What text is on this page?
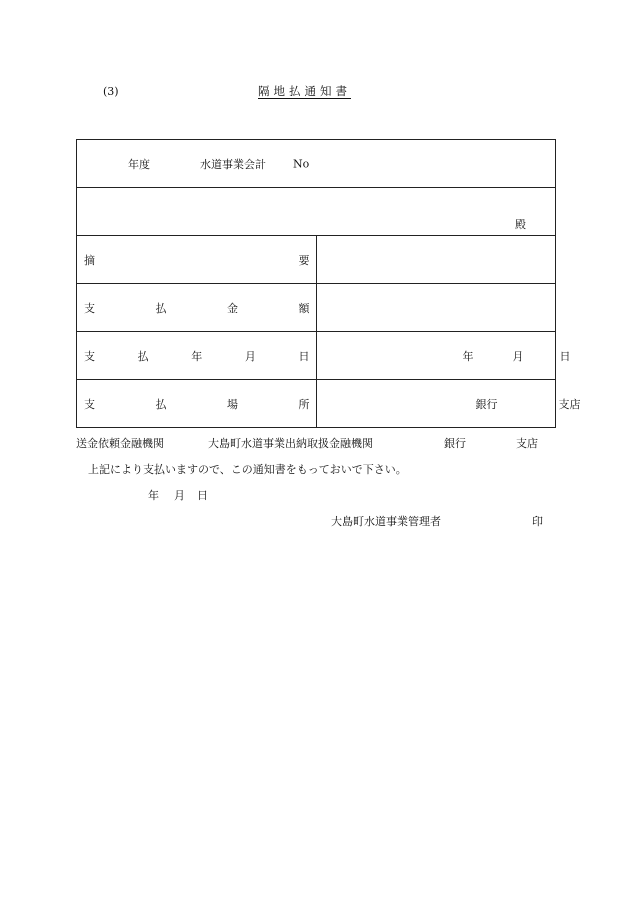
(3)	隔地払通知書
年度 水道事業会計 No	

殿	

摘 要	

支 払 金 額	

支 払 年 月 日	年 月 日

支 払 場 所	銀行 支店
送金依頼金融機関	大島町水道事業出納取扱金融機関	銀行	支店
上記により支払いますので、この通知書をもっておいで下さい。
年 月 日
大島町水道事業管理者	印
